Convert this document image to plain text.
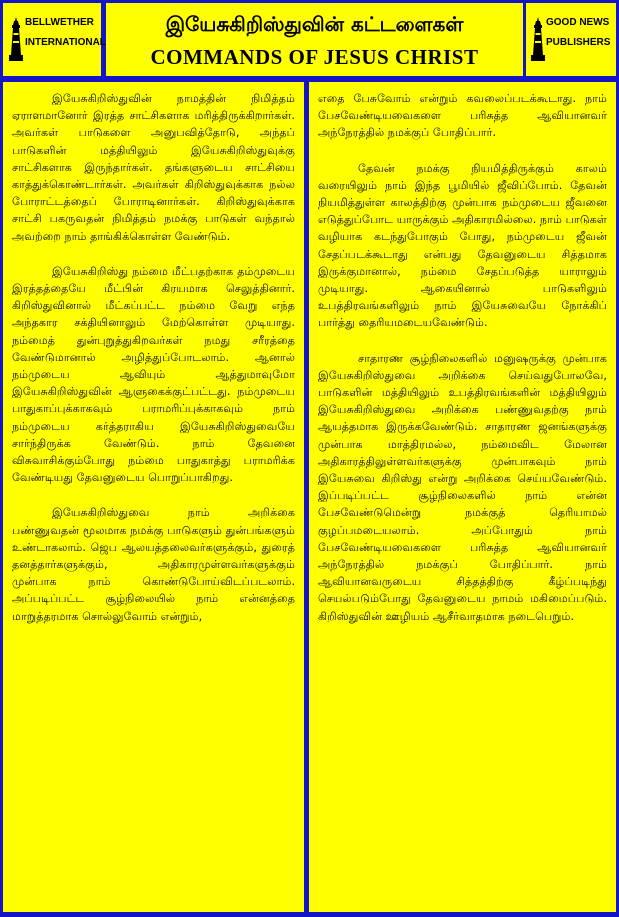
BELLWETHER
INTERNATIONAL
இயேசுகிறிஸ்துவின் கட்டளைகள்
COMMANDS OF JESUS CHRIST
GOOD NEWS
PUBLISHERS

இயேசுகிறிஸ்துவின் நாமத்தின் நிமித்தம் ஏராளமானோர் இரத்த சாட்சிகளாக மரித்திருக்கிறார்கள். அவர்கள் பாடுகளை அனுபவித்தோடு, அந்தப் பாடுகளின் மத்தியிலும் இயேசுகிறிஸ்துவுக்கு சாட்சிகளாக இருந்தார்கள். தங்களுடைய சாட்சியை காத்துக்கொண்டார்கள். அவர்கள் கிறிஸ்துவுக்காக நல்ல போராட்டத்தைப் போராடினார்கள். கிறிஸ்துவுக்காக சாட்சி பகருவதன் நிமித்தம் நமக்கு பாடுகள் வந்தால் அவற்றை நாம் தாங்கிக்கொள்ள வேண்டும்.

இயேசுகிறிஸ்து நம்மை மீட்பதற்காக தம்முடைய இரத்தத்தையே மீட்பின் கிரயமாக செலுத்தினார். கிறிஸ்துவினால் மீட்கப்பட்ட நம்மை வேறு எந்த அந்தகார சக்தியினாலும் மேற்கொள்ள முடியாது. நம்மைத் துன்புறுத்துகிறவர்கள் நமது சரீரத்தை வேண்டுமானால் அழித்துப்போடலாம். ஆனால் நம்முடைய ஆவியும் ஆத்துமாவுமோ இயேசுகிறிஸ்துவின் ஆளுகைக்குட்பட்டது. நம்முடைய பாதுகாப்புக்காகவும் பராமரிப்புக்காகவும் நாம் நம்முடைய கர்த்தராகிய இயேசுகிறிஸ்துவையே சார்ந்திருக்க வேண்டும். நாம் தேவனை விசுவாசிக்கும்போது நம்மை பாதுகாத்து பராமரிக்க வேண்டியது தேவனுடைய பொறுப்பாகிறது.

இயேசுகிறிஸ்துவை நாம் அறிக்கை பண்ணுவதன் மூலமாக நமக்கு பாடுகளும் துன்பங்களும் உண்டாகலாம். ஜெப ஆலயத்தலைவர்களுக்கும், துரைத் தனத்தார்களுக்கும், அதிகாரமுள்ளவர்களுக்கும் முன்பாக நாம் கொண்டுபோய்விடப்படலாம். அப்படிப்பட்ட சூழ்நிலையில் நாம் என்னத்தை மாறுத்தரமாக சொல்லுவோம் என்றும்,

எதை பேசுவோம் என்றும் கவலைப்படக்கூடாது. நாம் பேசவேண்டியவைகளை பரிசுத்த ஆவியானவர் அந்நேரத்தில் நமக்குப் போதிப்பார்.

தேவன் நமக்கு நியமித்திருக்கும் காலம் வரையிலும் நாம் இந்த பூமியில் ஜீவிப்போம். தேவன் நியமித்துள்ள காலத்திற்கு முன்பாக நம்முடைய ஜீவனை எடுத்துப்போட யாருக்கும் அதிகாரமில்லை. நாம் பாடுகள் வழியாக கடந்துபோகும் போது, நம்முடைய ஜீவன் சேதப்படக்கூடாது என்பது தேவனுடைய சித்தமாக இருக்குமானால், நம்மை சேதப்படுத்த யாராலும் முடியாது. ஆகையினால் பாடுகளிலும் உபத்திரவங்களிலும் நாம் இயேசுவையே நோக்கிப் பார்த்து தைரியமடையவேண்டும்.

சாதாரண சூழ்நிலைகளில் மனுஷருக்கு முன்பாக இயேசுகிறிஸ்துவை அறிக்கை செய்வதுபோலவே, பாடுகளின் மத்தியிலும் உபத்திரவங்களின் மத்தியிலும் இயேசுகிறிஸ்துவை அறிக்கை பண்ணுவதற்கு நாம் ஆயத்தமாக இருக்கவேண்டும். சாதாரண ஜனங்களுக்கு முன்பாக மாத்திரமல்ல, நம்மைவிட மேலான அதிகாரத்திலுள்ளவர்களுக்கு முன்பாகவும் நாம் இயேசுவை கிறிஸ்து என்று அறிக்கை செய்யவேண்டும். இப்படிப்பட்ட சூழ்நிலைகளில் நாம் என்ன பேசவேண்டுமென்று நமக்குத் தெரியாமல் குழப்பமடையலாம். அப்போதும் நாம் பேசவேண்டியவைகளை பரிசுத்த ஆவியானவர் அந்நேரத்தில் நமக்குப் போதிப்பார். நாம் ஆவியானவருடைய சித்தத்திற்கு கீழ்ப்படிந்து செயல்படும்போது தேவனுடைய நாமம் மகிமைப்படும். கிறிஸ்துவின் ஊழியம் ஆசீர்வாதமாக நடைபெறும்.
